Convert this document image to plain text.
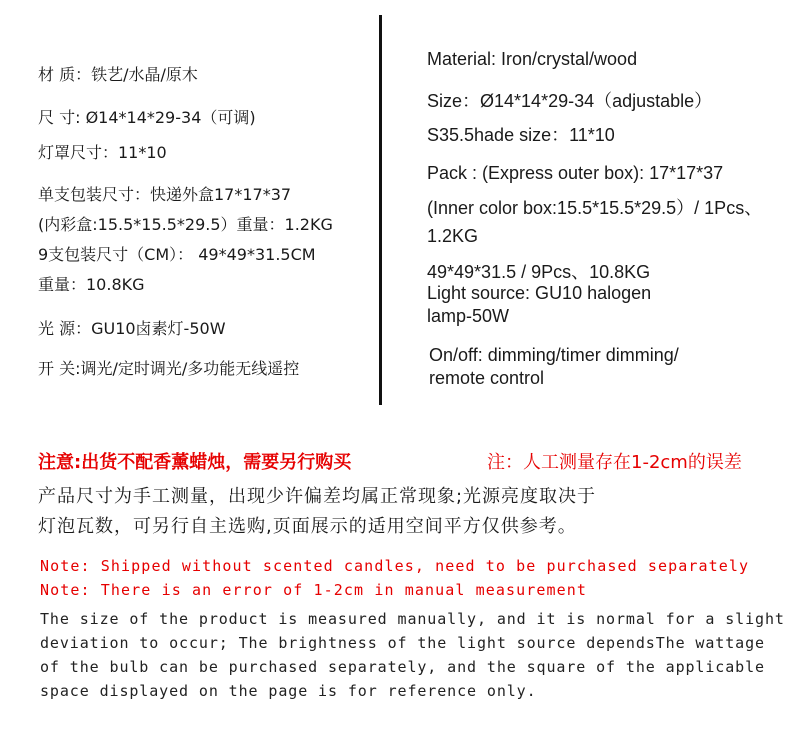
材 质：铁艺/水晶/原木
尺 寸: Ø14*14*29-34（可调)
灯罩尺寸：11*10
单支包装尺寸：快递外盒17*17*37
(内彩盒:15.5*15.5*29.5）重量：1.2KG
9支包装尺寸（CM）： 49*49*31.5CM
重量：10.8KG
光 源：GU10卤素灯-50W
开 关:调光/定时调光/多功能无线遥控
Material: Iron/crystal/wood
Size：Ø14*14*29-34（adjustable）
S35.5hade size：11*10
Pack : (Express outer box): 17*17*37
(Inner color box:15.5*15.5*29.5）/ 1Pcs、
1.2KG
49*49*31.5 / 9Pcs、10.8KG
Light source: GU10 halogen
lamp-50W
On/off: dimming/timer dimming/
remote control
注意:出货不配香薰蜡烛，需要另行购买	注：人工测量存在1-2cm的误差
产品尺寸为手工测量，出现少许偏差均属正常现象;光源亮度取决于
灯泡瓦数，可另行自主选购,页面展示的适用空间平方仅供参考。
Note: Shipped without scented candles, need to be purchased separately
Note: There is an error of 1-2cm in manual measurement
The size of the product is measured manually, and it is normal for a slight
deviation to occur; The brightness of the light source dependsThe wattage
of the bulb can be purchased separately, and the square of the applicable
space displayed on the page is for reference only.
